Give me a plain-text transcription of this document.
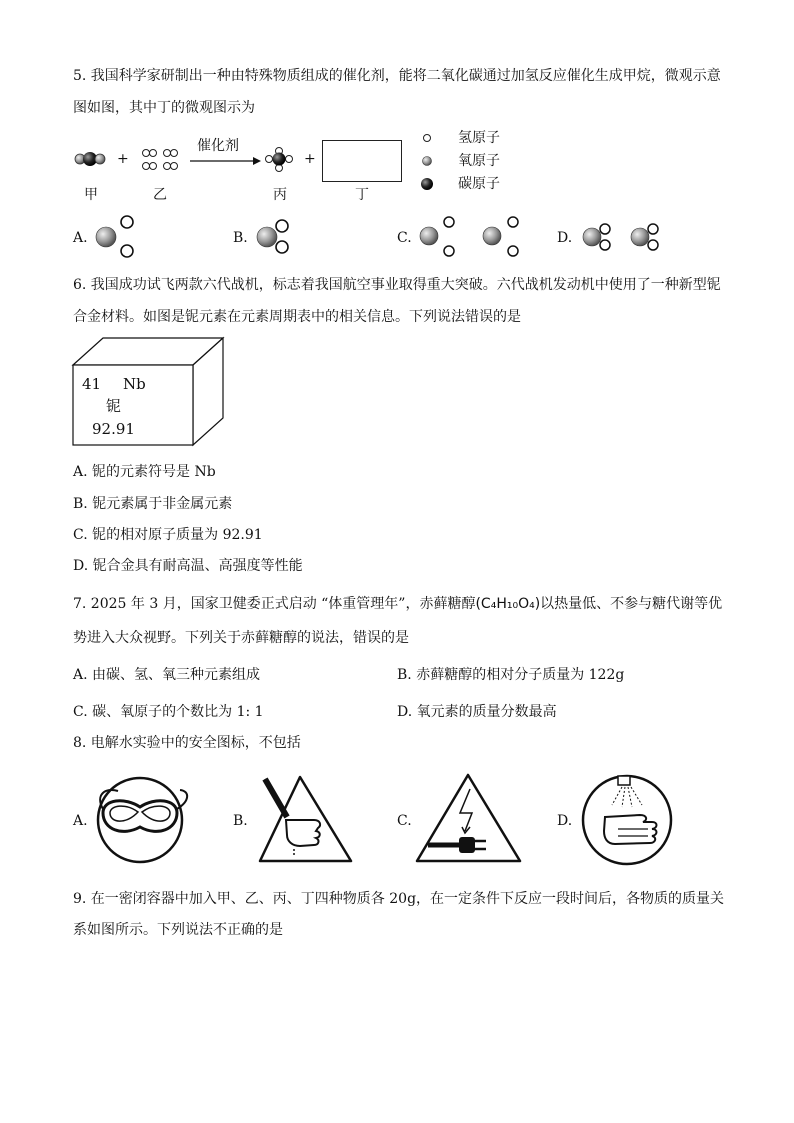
5. 我国科学家研制出一种由特殊物质组成的催化剂，能将二氧化碳通过加氢反应催化生成甲烷，微观示意
图如图，其中丁的微观图示为
+	+
催化剂
甲	乙	丙	丁
氢原子
氧原子
碳原子
A.	B.	C.	D.
6. 我国成功试飞两款六代战机，标志着我国航空事业取得重大突破。六代战机发动机中使用了一种新型铌
合金材料。如图是铌元素在元素周期表中的相关信息。下列说法错误的是
41 Nb
铌
92.91
A. 铌的元素符号是 Nb
B. 铌元素属于非金属元素
C. 铌的相对原子质量为 92.91
D. 铌合金具有耐高温、高强度等性能
7. 2025 年 3 月，国家卫健委正式启动 “体重管理年”，赤藓糖醇(C₄H₁₀O₄)以热量低、不参与糖代谢等优
势进入大众视野。下列关于赤藓糖醇的说法，错误的是
A. 由碳、氢、氧三种元素组成	B. 赤藓糖醇的相对分子质量为 122g
C. 碳、氧原子的个数比为 1: 1	D. 氧元素的质量分数最高
8. 电解水实验中的安全图标，不包括
A.	B.	C.	D.
9. 在一密闭容器中加入甲、乙、丙、丁四种物质各 20g，在一定条件下反应一段时间后，各物质的质量关
系如图所示。下列说法不正确的是
